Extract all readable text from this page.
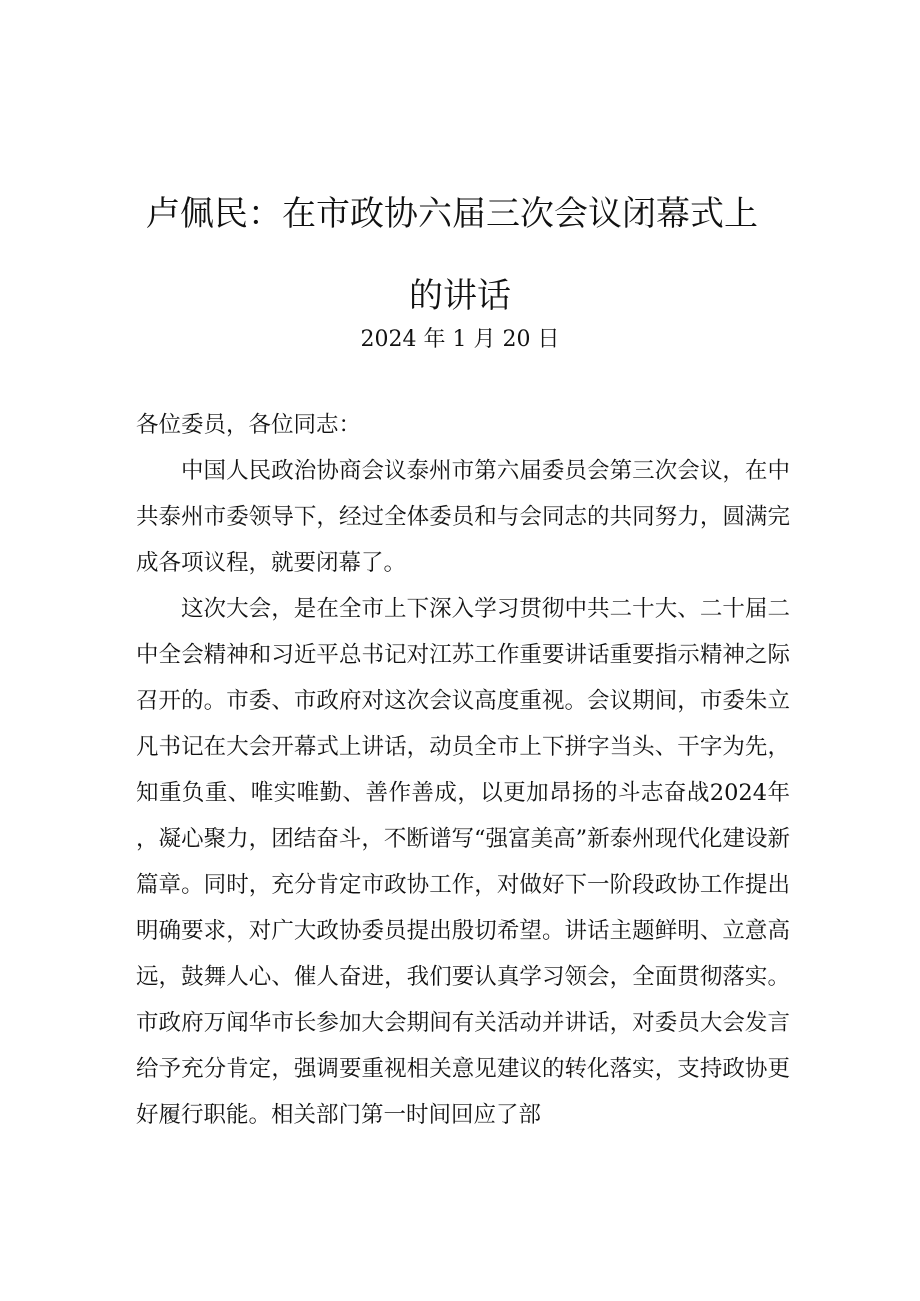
卢佩民：在市政协六届三次会议闭幕式上
的讲话
2024 年 1 月 20 日

各位委员，各位同志：

中国人民政治协商会议泰州市第六届委员会第三次会议，在中共泰州市委领导下，经过全体委员和与会同志的共同努力，圆满完成各项议程，就要闭幕了。

这次大会，是在全市上下深入学习贯彻中共二十大、二十届二中全会精神和习近平总书记对江苏工作重要讲话重要指示精神之际召开的。市委、市政府对这次会议高度重视。会议期间，市委朱立凡书记在大会开幕式上讲话，动员全市上下拼字当头、干字为先，知重负重、唯实唯勤、善作善成，以更加昂扬的斗志奋战2024年，凝心聚力，团结奋斗，不断谱写“强富美高”新泰州现代化建设新篇章。同时，充分肯定市政协工作，对做好下一阶段政协工作提出明确要求，对广大政协委员提出殷切希望。讲话主题鲜明、立意高远，鼓舞人心、催人奋进，我们要认真学习领会，全面贯彻落实。市政府万闻华市长参加大会期间有关活动并讲话，对委员大会发言给予充分肯定，强调要重视相关意见建议的转化落实，支持政协更好履行职能。相关部门第一时间回应了部
